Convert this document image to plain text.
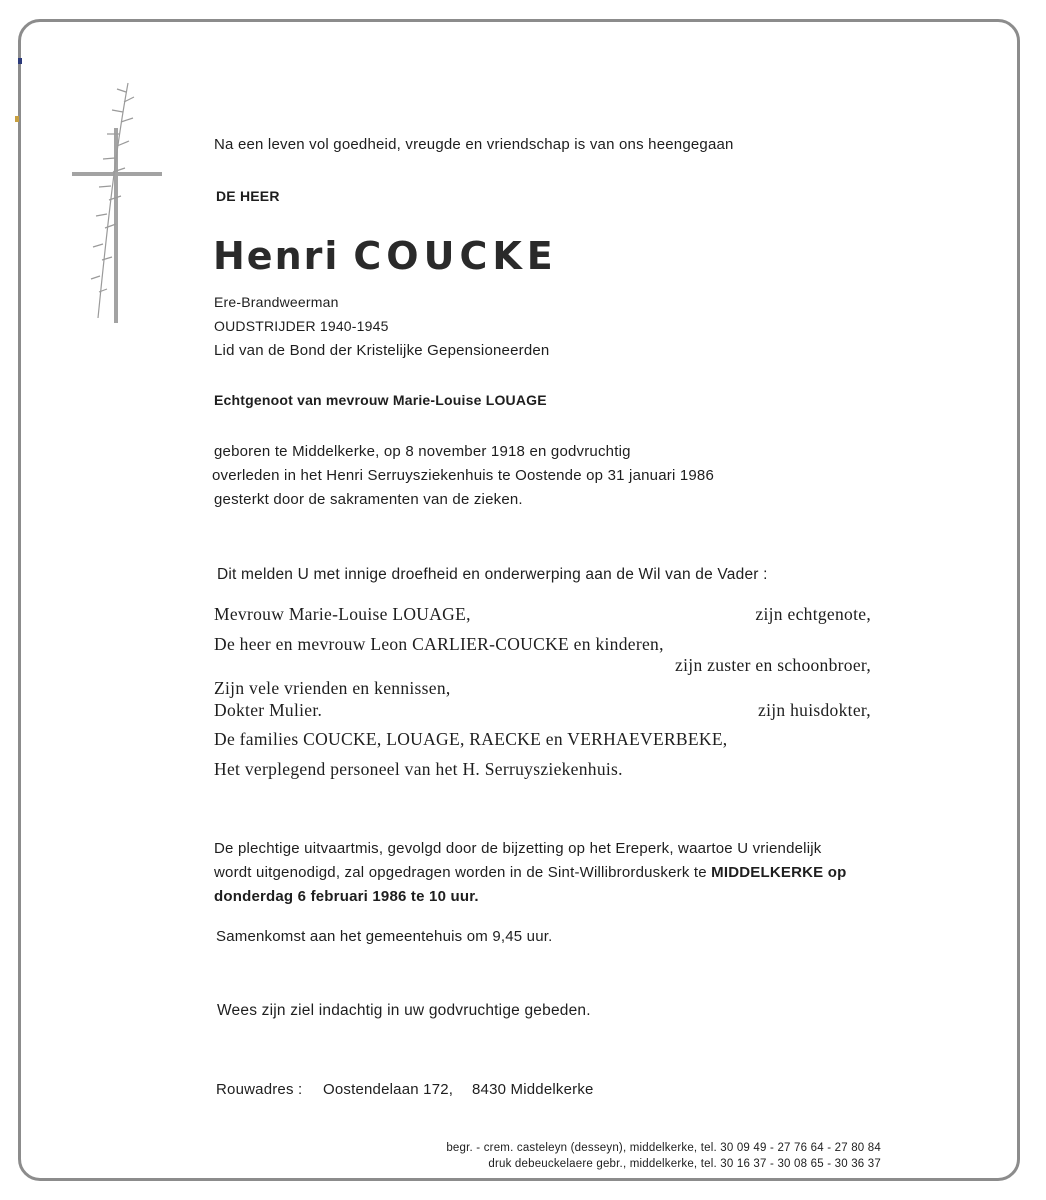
Na een leven vol goedheid, vreugde en vriendschap is van ons heengegaan
DE HEER
Henri COUCKE
Ere-Brandweerman
OUDSTRIJDER 1940-1945
Lid van de Bond der Kristelijke Gepensioneerden
Echtgenoot van mevrouw Marie-Louise LOUAGE
geboren te Middelkerke, op 8 november 1918 en godvruchtig
overleden in het Henri Serruysziekenhuis te Oostende op 31 januari 1986
gesterkt door de sakramenten van de zieken.
Dit melden U met innige droefheid en onderwerping aan de Wil van de Vader :
Mevrouw Marie-Louise LOUAGE,	zijn echtgenote,
De heer en mevrouw Leon CARLIER-COUCKE en kinderen,
zijn zuster en schoonbroer,
Zijn vele vrienden en kennissen,
Dokter Mulier.	zijn huisdokter,
De families COUCKE, LOUAGE, RAECKE en VERHAEVERBEKE,
Het verplegend personeel van het H. Serruysziekenhuis.
De plechtige uitvaartmis, gevolgd door de bijzetting op het Ereperk, waartoe U vriendelijk
wordt uitgenodigd, zal opgedragen worden in de Sint-Willibrorduskerk te MIDDELKERKE op
donderdag 6 februari 1986 te 10 uur.
Samenkomst aan het gemeentehuis om 9,45 uur.
Wees zijn ziel indachtig in uw godvruchtige gebeden.
Rouwadres : Oostendelaan 172, 8430 Middelkerke
begr. - crem. casteleyn (desseyn), middelkerke, tel. 30 09 49 - 27 76 64 - 27 80 84
druk debeuckelaere gebr., middelkerke, tel. 30 16 37 - 30 08 65 - 30 36 37
